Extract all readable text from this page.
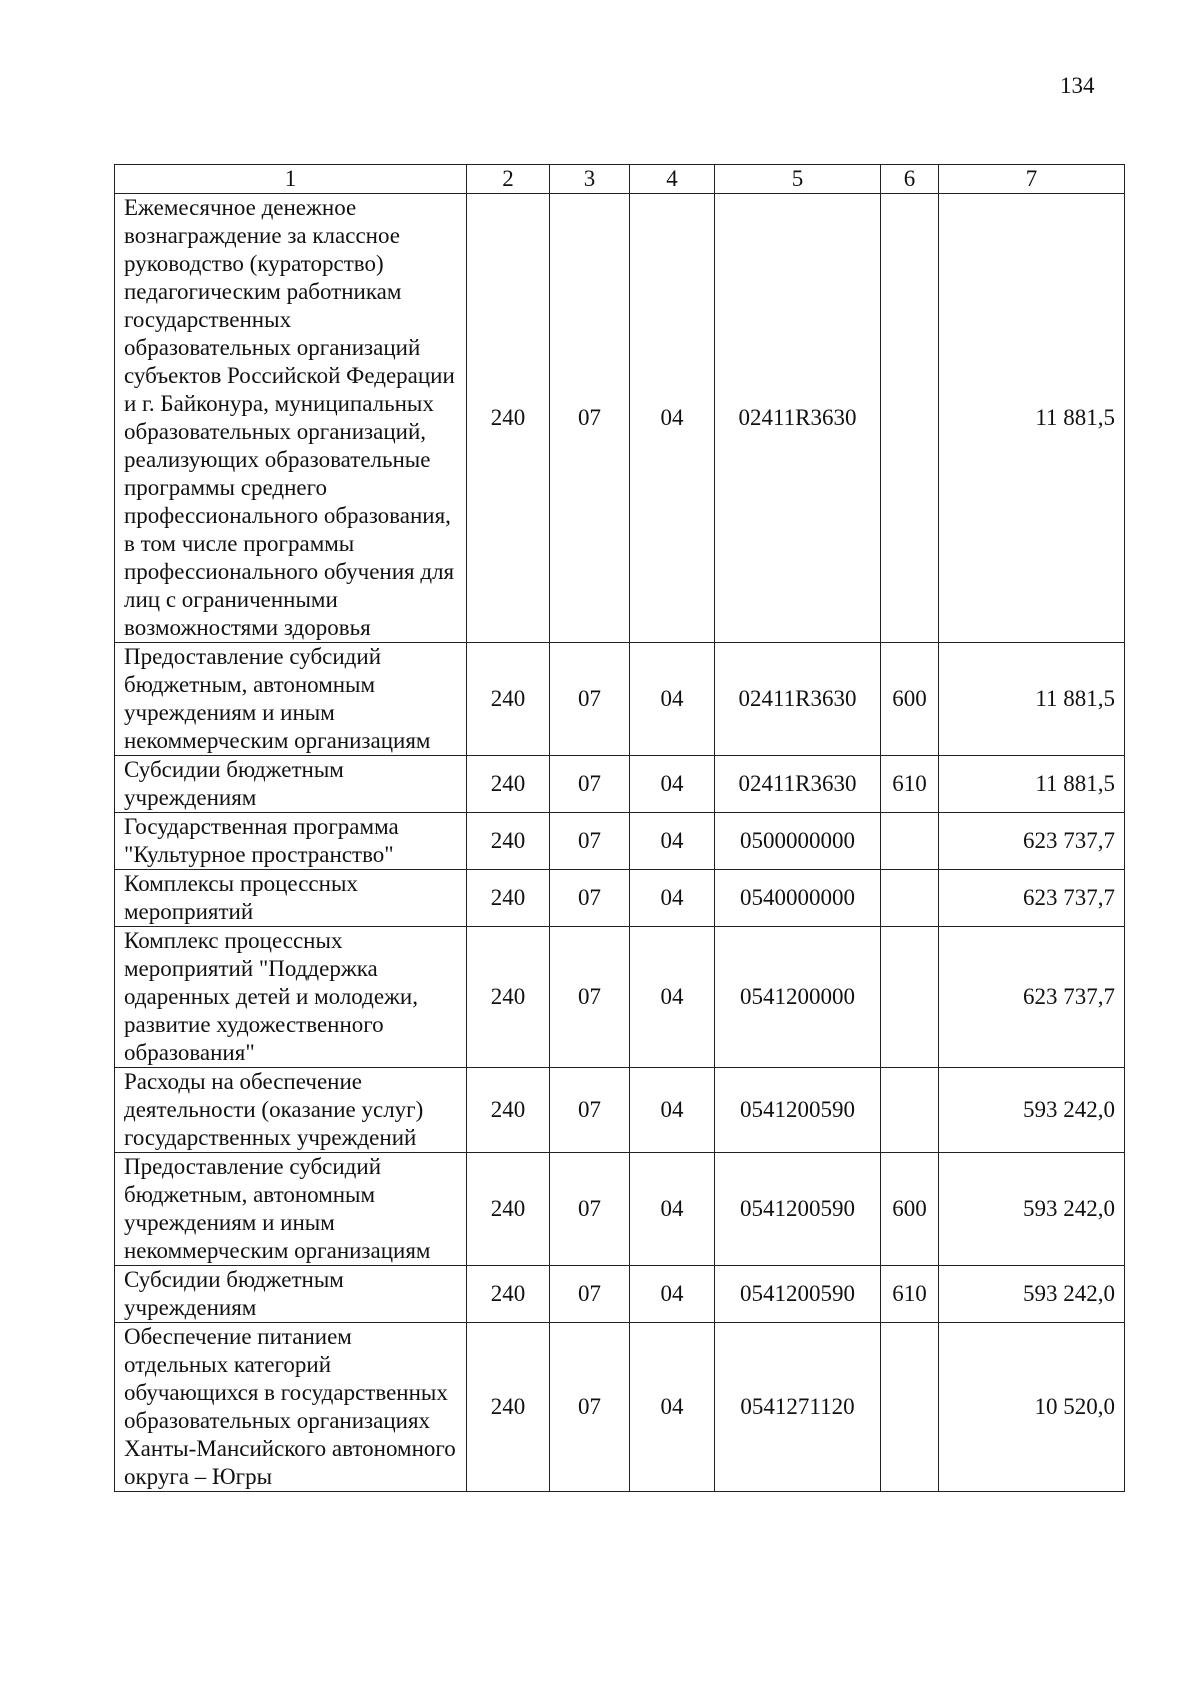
134
1	2	3	4	5	6	7
Ежемесячное денежное вознаграждение за классное руководство (кураторство) педагогическим работникам государственных образовательных организаций субъектов Российской Федерации и г. Байконура, муниципальных образовательных организаций, реализующих образовательные программы среднего профессионального образования, в том числе программы профессионального обучения для лиц с ограниченными возможностями здоровья	240	07	04	02411R3630		11 881,5
Предоставление субсидий бюджетным, автономным учреждениям и иным некоммерческим организациям	240	07	04	02411R3630	600	11 881,5
Субсидии бюджетным учреждениям	240	07	04	02411R3630	610	11 881,5
Государственная программа "Культурное пространство"	240	07	04	0500000000		623 737,7
Комплексы процессных мероприятий	240	07	04	0540000000		623 737,7
Комплекс процессных мероприятий "Поддержка одаренных детей и молодежи, развитие художественного образования"	240	07	04	0541200000		623 737,7
Расходы на обеспечение деятельности (оказание услуг) государственных учреждений	240	07	04	0541200590		593 242,0
Предоставление субсидий бюджетным, автономным учреждениям и иным некоммерческим организациям	240	07	04	0541200590	600	593 242,0
Субсидии бюджетным учреждениям	240	07	04	0541200590	610	593 242,0
Обеспечение питанием отдельных категорий обучающихся в государственных образовательных организациях Ханты-Мансийского автономного округа – Югры	240	07	04	0541271120		10 520,0
